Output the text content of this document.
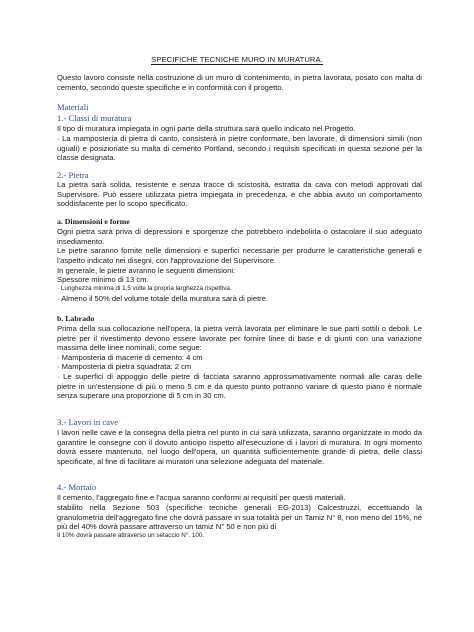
SPECIFICHE TECNICHE MURO IN MURATURA.
Questo lavoro consiste nella costruzione di un muro di contenimento, in pietra lavorata, posato con malta di cemento, secondo queste specifiche e in conformità con il progetto.
Materiali
1.- Classi di muratura
Il tipo di muratura impiegata in ogni parte della struttura sarà quello indicato nel Progetto.
· La mampostería di pietra di canto, consisterà in pietre conformate, ben lavorate, di dimensioni simili (non uguali) e posizionate su malta di cemento Portland, secondo i requisiti specificati in questa sezione per la classe designata.
2.- Pietra
La pietra sarà solida, resistente e senza tracce di scistosità, estratta da cava con metodi approvati dal Supervisore. Può essere utilizzata pietra impiegata in precedenza, e che abbia avuto un comportamento soddisfacente per lo scopo specificato.
a. Dimensioni e forme
Ogni pietra sarà priva di depressioni e sporgenze che potrebbero indebolirla o ostacolare il suo adeguato insediamento.
Le pietre saranno fornite nelle dimensioni e superfici necessarie per produrre le caratteristiche generali e l'aspetto indicato nei disegni, con l'approvazione del Supervisore.
In generale, le pietre avranno le seguenti dimensioni:
Spessore minimo di 13 cm.
· Lunghezza minima di 1,5 volte la propria larghezza rispettiva.
· Almeno il 50% del volume totale della muratura sarà di pietre.
b. Labrado
Prima della sua collocazione nell'opera, la pietra verrà lavorata per eliminare le sue parti sottili o deboli. Le pietre per il rivestimento devono essere lavorate per fornire linee di base e di giunti con una variazione massima delle linee nominali, come segue:
· Mamposteria di macerie di cemento: 4 cm
· Mamposteria di pietra squadrata: 2 cm
· Le superfici di appoggio delle pietre di facciata saranno approssimativamente normali alle caras delle pietre in un'estensione di più o meno 5 cm e da questo punto potranno variare di questo piano è normale senza superare una proporzione di 5 cm in 30 cm.
3.- Lavori in cave
I lavori nelle cave e la consegna della pietra nel punto in cui sarà utilizzata, saranno organizzate in modo da garantire le consegne con il dovuto anticipo rispetto all'esecuzione di i lavori di muratura. In ogni momento dovrà essere mantenuto, nel luogo dell'opera, un quantità sufficientemente grande di pietra, delle classi specificate, al fine di facilitare ai muratori una selezione adeguata del materiale.
4.- Mortaio
Il cemento, l'aggregato fine e l'acqua saranno conformi ai requisiti per questi materiali.
stabilito nella Sezione 503 (specifiche tecniche generali EG-2013) Calcestruzzi, eccettuando la granulometria dell'aggregato fine che dovrà passare in sua totalità per un Tamiz N° 8, non meno del 15%, né più del 40% dovrà passare attraverso un tamiz N° 50 e non più di
Il 10% dovrà passare attraverso un setaccio N°. 100.
